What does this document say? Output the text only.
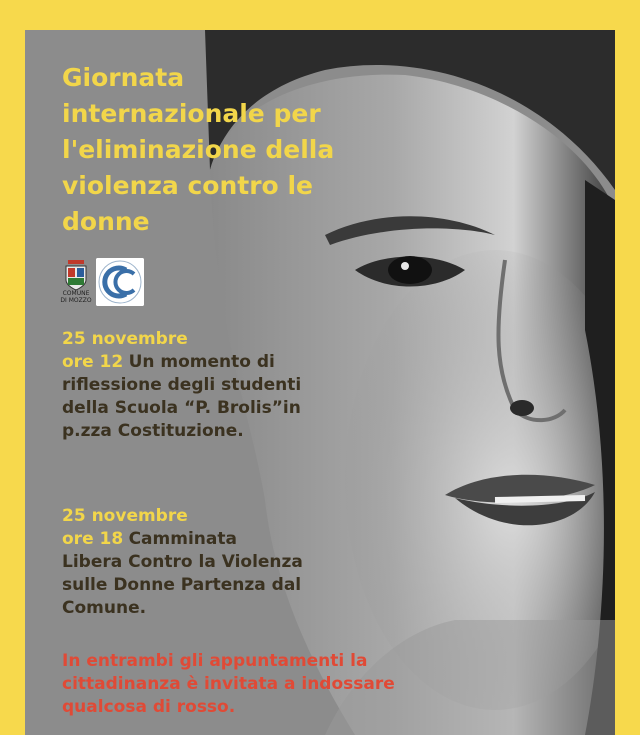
Giornata internazionale per l'eliminazione della violenza contro le donne
COMUNE DI MOZZO

25 novembre
ore 12 Un momento di
riflessione degli studenti della Scuola “P. Brolis”in p.zza Costituzione.

25 novembre
ore 18 Camminata
Libera Contro la Violenza sulle Donne Partenza dal Comune.

In entrambi gli appuntamenti la cittadinanza è invitata a indossare qualcosa di rosso.
